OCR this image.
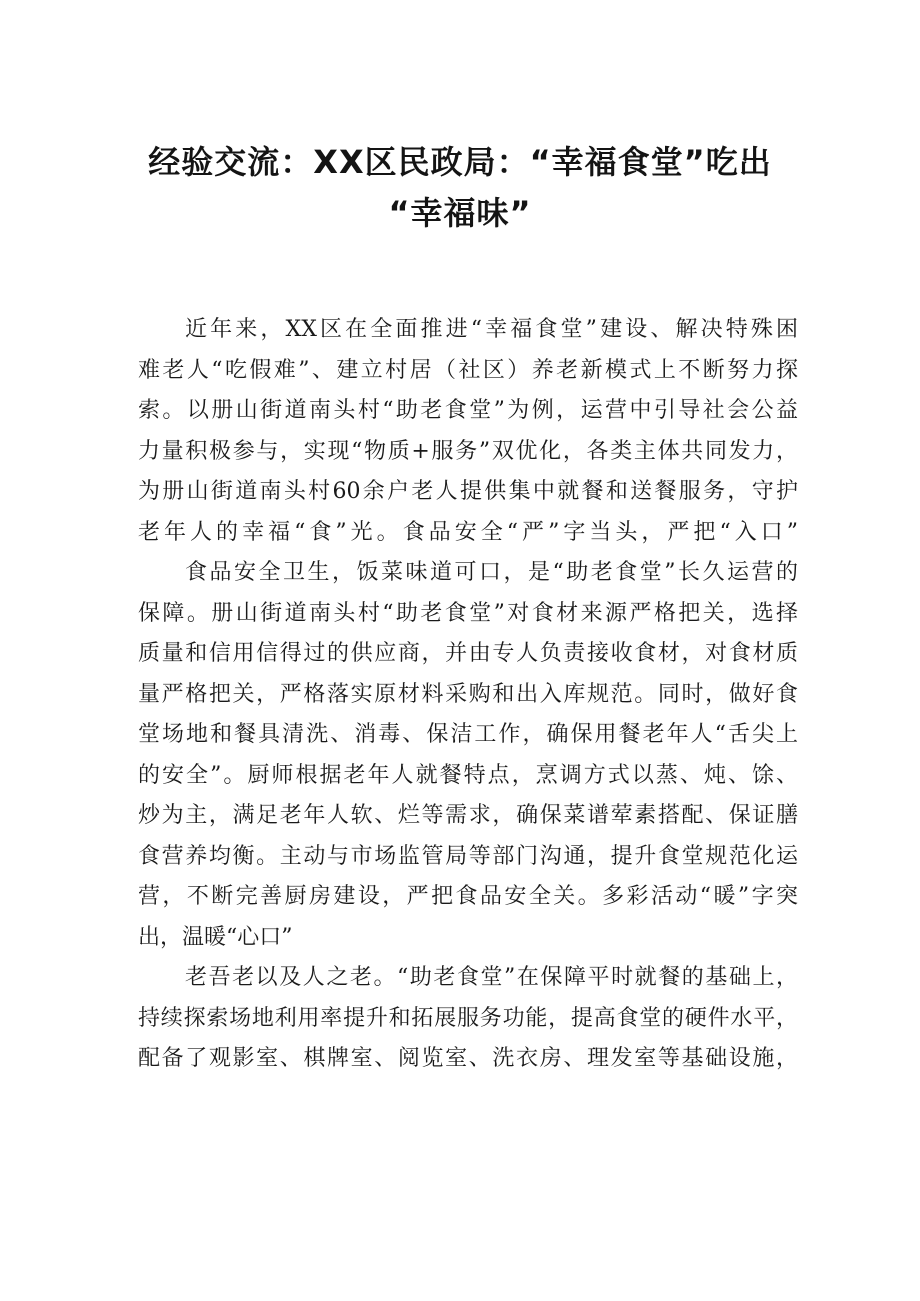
经验交流：XX区民政局：“幸福食堂”吃出
“幸福味”
近年来，XX区在全面推进“幸福食堂”建设、解决特殊困
难老人“吃假难”、建立村居（社区）养老新模式上不断努力探
索。以册山街道南头村“助老食堂”为例，运营中引导社会公益
力量积极参与，实现“物质+服务”双优化，各类主体共同发力，
为册山街道南头村60余户老人提供集中就餐和送餐服务，守护
老年人的幸福“食”光。食品安全“严”字当头，严把“入口”
食品安全卫生，饭菜味道可口，是“助老食堂”长久运营的
保障。册山街道南头村“助老食堂”对食材来源严格把关，选择
质量和信用信得过的供应商，并由专人负责接收食材，对食材质
量严格把关，严格落实原材料采购和出入库规范。同时，做好食
堂场地和餐具清洗、消毒、保洁工作，确保用餐老年人“舌尖上
的安全”。厨师根据老年人就餐特点，烹调方式以蒸、炖、馀、
炒为主，满足老年人软、烂等需求，确保菜谱荤素搭配、保证膳
食营养均衡。主动与市场监管局等部门沟通，提升食堂规范化运
营，不断完善厨房建设，严把食品安全关。多彩活动“暖”字突
出，温暖“心口”
老吾老以及人之老。“助老食堂”在保障平时就餐的基础上，
持续探索场地利用率提升和拓展服务功能，提高食堂的硬件水平，
配备了观影室、棋牌室、阅览室、洗衣房、理发室等基础设施，
